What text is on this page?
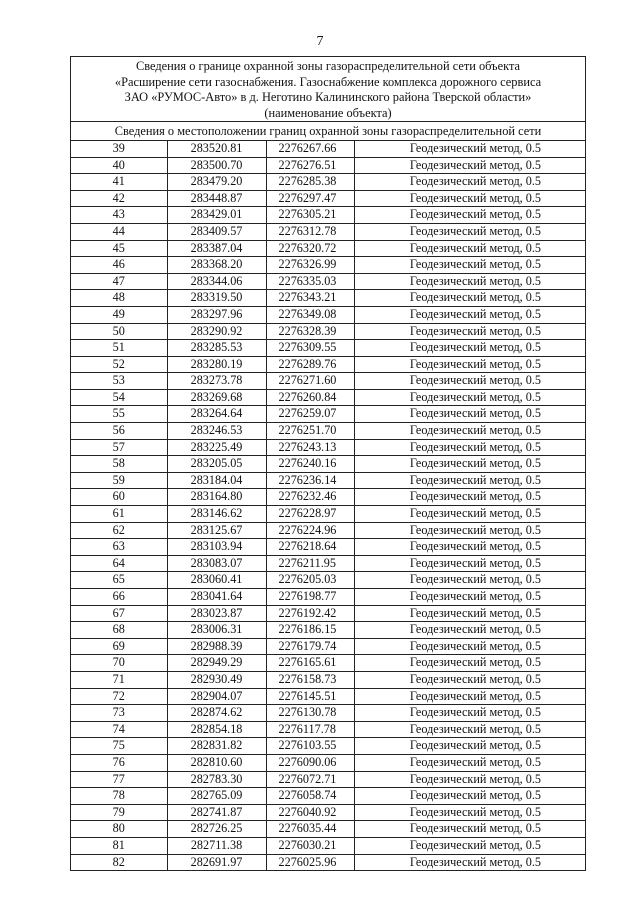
7
Сведения о границе охранной зоны газораспределительной сети объекта
«Расширение сети газоснабжения. Газоснабжение комплекса дорожного сервиса
ЗАО «РУМОС-Авто» в д. Неготино Калининского района Тверской области»
(наименование объекта)
Сведения о местоположении границ охранной зоны газораспределительной сети
39	283520.81	2276267.66	Геодезический метод, 0.5
40	283500.70	2276276.51	Геодезический метод, 0.5
41	283479.20	2276285.38	Геодезический метод, 0.5
42	283448.87	2276297.47	Геодезический метод, 0.5
43	283429.01	2276305.21	Геодезический метод, 0.5
44	283409.57	2276312.78	Геодезический метод, 0.5
45	283387.04	2276320.72	Геодезический метод, 0.5
46	283368.20	2276326.99	Геодезический метод, 0.5
47	283344.06	2276335.03	Геодезический метод, 0.5
48	283319.50	2276343.21	Геодезический метод, 0.5
49	283297.96	2276349.08	Геодезический метод, 0.5
50	283290.92	2276328.39	Геодезический метод, 0.5
51	283285.53	2276309.55	Геодезический метод, 0.5
52	283280.19	2276289.76	Геодезический метод, 0.5
53	283273.78	2276271.60	Геодезический метод, 0.5
54	283269.68	2276260.84	Геодезический метод, 0.5
55	283264.64	2276259.07	Геодезический метод, 0.5
56	283246.53	2276251.70	Геодезический метод, 0.5
57	283225.49	2276243.13	Геодезический метод, 0.5
58	283205.05	2276240.16	Геодезический метод, 0.5
59	283184.04	2276236.14	Геодезический метод, 0.5
60	283164.80	2276232.46	Геодезический метод, 0.5
61	283146.62	2276228.97	Геодезический метод, 0.5
62	283125.67	2276224.96	Геодезический метод, 0.5
63	283103.94	2276218.64	Геодезический метод, 0.5
64	283083.07	2276211.95	Геодезический метод, 0.5
65	283060.41	2276205.03	Геодезический метод, 0.5
66	283041.64	2276198.77	Геодезический метод, 0.5
67	283023.87	2276192.42	Геодезический метод, 0.5
68	283006.31	2276186.15	Геодезический метод, 0.5
69	282988.39	2276179.74	Геодезический метод, 0.5
70	282949.29	2276165.61	Геодезический метод, 0.5
71	282930.49	2276158.73	Геодезический метод, 0.5
72	282904.07	2276145.51	Геодезический метод, 0.5
73	282874.62	2276130.78	Геодезический метод, 0.5
74	282854.18	2276117.78	Геодезический метод, 0.5
75	282831.82	2276103.55	Геодезический метод, 0.5
76	282810.60	2276090.06	Геодезический метод, 0.5
77	282783.30	2276072.71	Геодезический метод, 0.5
78	282765.09	2276058.74	Геодезический метод, 0.5
79	282741.87	2276040.92	Геодезический метод, 0.5
80	282726.25	2276035.44	Геодезический метод, 0.5
81	282711.38	2276030.21	Геодезический метод, 0.5
82	282691.97	2276025.96	Геодезический метод, 0.5
